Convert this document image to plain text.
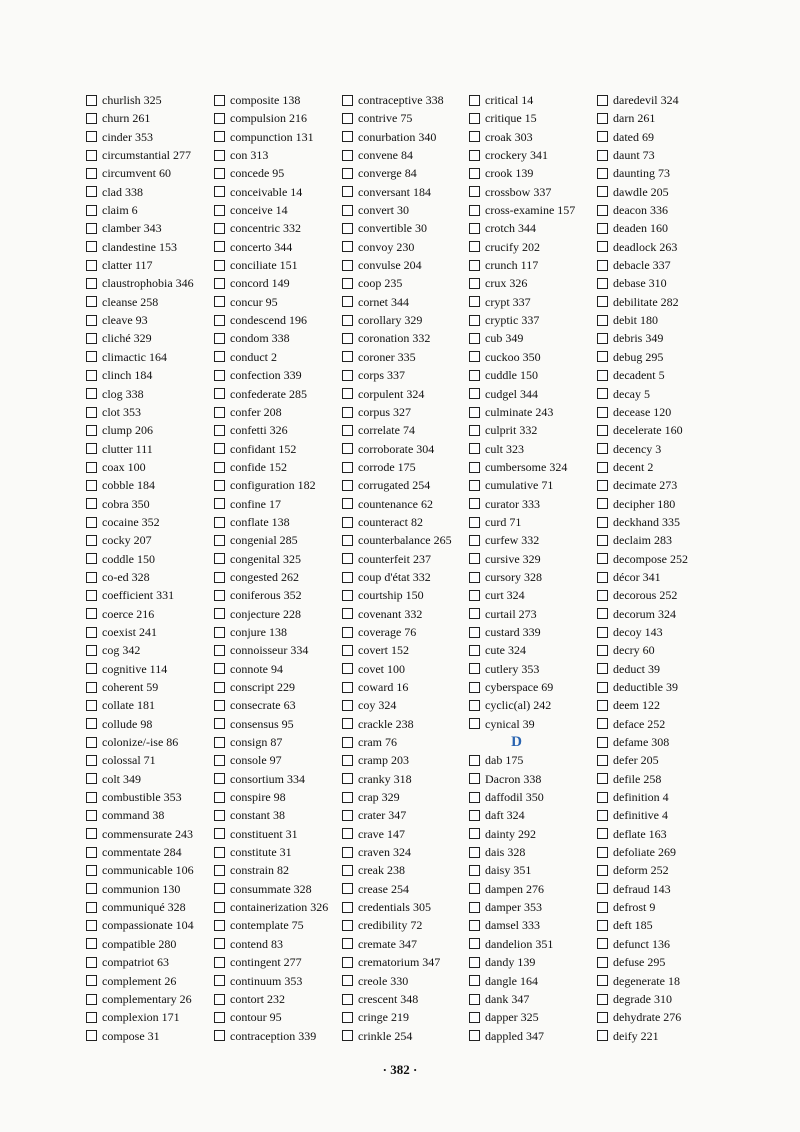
churlish 325
churn 261
cinder 353
circumstantial 277
circumvent 60
clad 338
claim 6
clamber 343
clandestine 153
clatter 117
claustrophobia 346
cleanse 258
cleave 93
cliché 329
climactic 164
clinch 184
clog 338
clot 353
clump 206
clutter 111
coax 100
cobble 184
cobra 350
cocaine 352
cocky 207
coddle 150
co-ed 328
coefficient 331
coerce 216
coexist 241
cog 342
cognitive 114
coherent 59
collate 181
collude 98
colonize/-ise 86
colossal 71
colt 349
combustible 353
command 38
commensurate 243
commentate 284
communicable 106
communion 130
communiqué 328
compassionate 104
compatible 280
compatriot 63
complement 26
complementary 26
complexion 171
compose 31
composite 138
compulsion 216
compunction 131
con 313
concede 95
conceivable 14
conceive 14
concentric 332
concerto 344
conciliate 151
concord 149
concur 95
condescend 196
condom 338
conduct 2
confection 339
confederate 285
confer 208
confetti 326
confidant 152
confide 152
configuration 182
confine 17
conflate 138
congenial 285
congenital 325
congested 262
coniferous 352
conjecture 228
conjure 138
connoisseur 334
connote 94
conscript 229
consecrate 63
consensus 95
consign 87
console 97
consortium 334
conspire 98
constant 38
constituent 31
constitute 31
constrain 82
consummate 328
containerization 326
contemplate 75
contend 83
contingent 277
continuum 353
contort 232
contour 95
contraception 339
contraceptive 338
contrive 75
conurbation 340
convene 84
converge 84
conversant 184
convert 30
convertible 30
convoy 230
convulse 204
coop 235
cornet 344
corollary 329
coronation 332
coroner 335
corps 337
corpulent 324
corpus 327
correlate 74
corroborate 304
corrode 175
corrugated 254
countenance 62
counteract 82
counterbalance 265
counterfeit 237
coup d'état 332
courtship 150
covenant 332
coverage 76
covert 152
covet 100
coward 16
coy 324
crackle 238
cram 76
cramp 203
cranky 318
crap 329
crater 347
crave 147
craven 324
creak 238
crease 254
credentials 305
credibility 72
cremate 347
crematorium 347
creole 330
crescent 348
cringe 219
crinkle 254
critical 14
critique 15
croak 303
crockery 341
crook 139
crossbow 337
cross-examine 157
crotch 344
crucify 202
crunch 117
crux 326
crypt 337
cryptic 337
cub 349
cuckoo 350
cuddle 150
cudgel 344
culminate 243
culprit 332
cult 323
cumbersome 324
cumulative 71
curator 333
curd 71
curfew 332
cursive 329
cursory 328
curt 324
curtail 273
custard 339
cute 324
cutlery 353
cyberspace 69
cyclic(al) 242
cynical 39
D
dab 175
Dacron 338
daffodil 350
daft 324
dainty 292
dais 328
daisy 351
dampen 276
damper 353
damsel 333
dandelion 351
dandy 139
dangle 164
dank 347
dapper 325
dappled 347
daredevil 324
darn 261
dated 69
daunt 73
daunting 73
dawdle 205
deacon 336
deaden 160
deadlock 263
debacle 337
debase 310
debilitate 282
debit 180
debris 349
debug 295
decadent 5
decay 5
decease 120
decelerate 160
decency 3
decent 2
decimate 273
decipher 180
deckhand 335
declaim 283
decompose 252
décor 341
decorous 252
decorum 324
decoy 143
decry 60
deduct 39
deductible 39
deem 122
deface 252
defame 308
defer 205
defile 258
definition 4
definitive 4
deflate 163
defoliate 269
deform 252
defraud 143
defrost 9
deft 185
defunct 136
defuse 295
degenerate 18
degrade 310
dehydrate 276
deify 221
· 382 ·
